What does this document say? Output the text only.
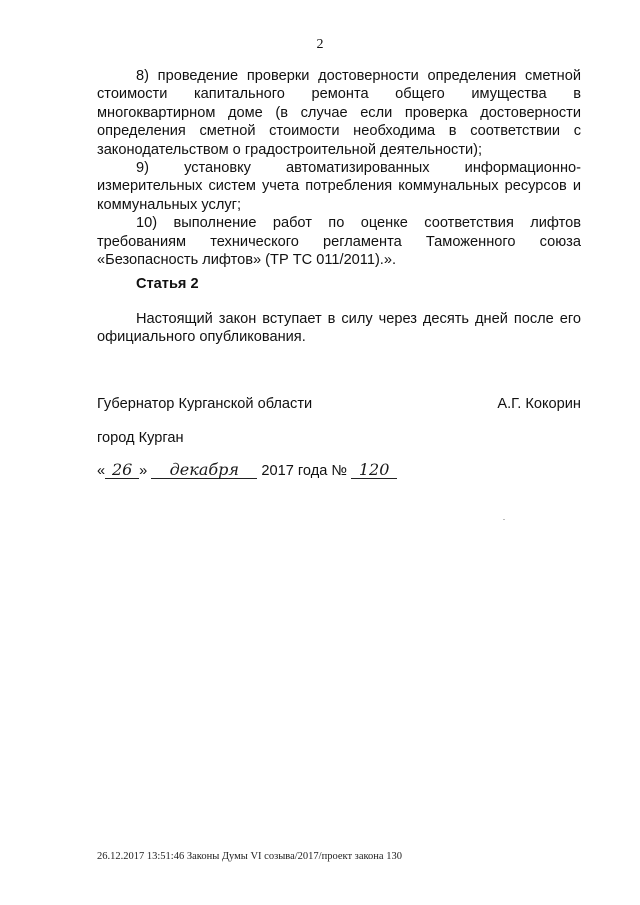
2

8) проведение проверки достоверности определения сметной стоимости капитального ремонта общего имущества в многоквартирном доме (в случае если проверка достоверности определения сметной стоимости необходима в соответствии с законодательством о градостроительной деятельности);

9) установку автоматизированных информационно-измерительных систем учета потребления коммунальных ресурсов и коммунальных услуг;

10) выполнение работ по оценке соответствия лифтов требованиям технического регламента Таможенного союза «Безопасность лифтов» (ТР ТС 011/2011).».

Статья 2

Настоящий закон вступает в силу через десять дней после его официального опубликования.

Губернатор Курганской области	А.Г. Кокорин
город Курган
« 26 » декабря 2017 года № 120
26.12.2017 13:51:46 Законы Думы VI созыва/2017/проект закона 130
